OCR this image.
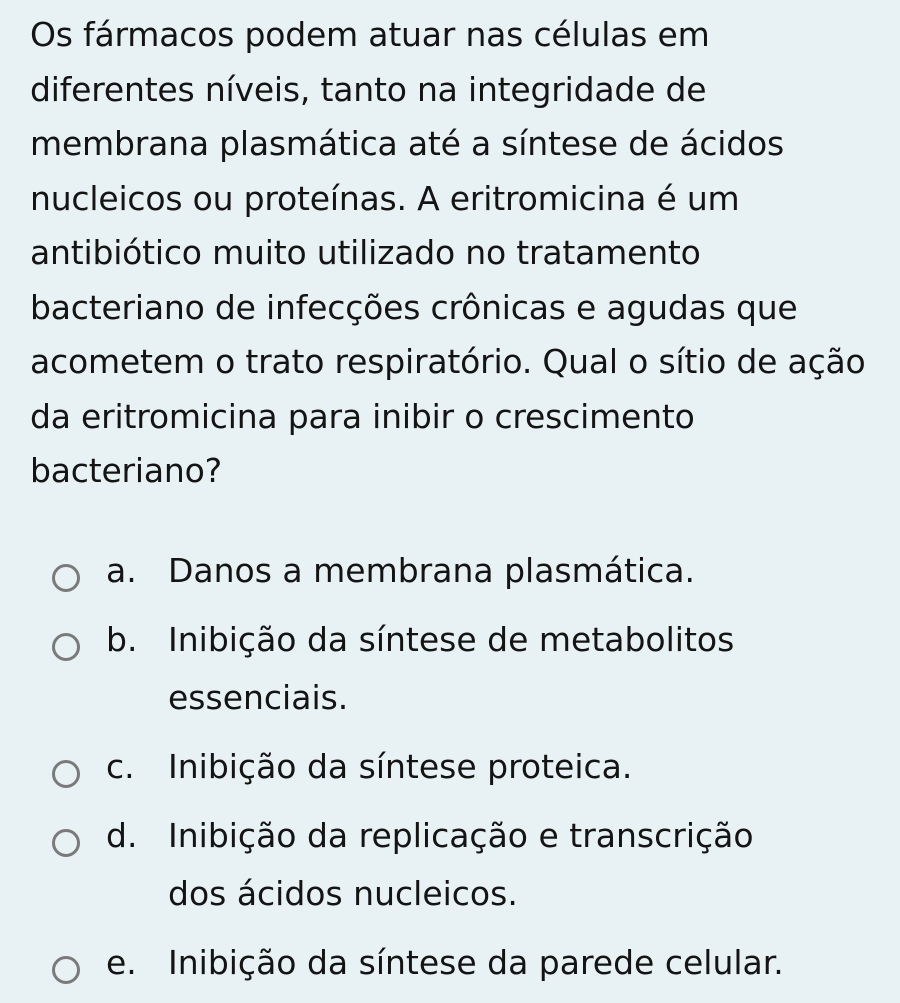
Os fármacos podem atuar nas células em diferentes níveis, tanto na integridade de membrana plasmática até a síntese de ácidos nucleicos ou proteínas. A eritromicina é um antibiótico muito utilizado no tratamento bacteriano de infecções crônicas e agudas que acometem o trato respiratório. Qual o sítio de ação da eritromicina para inibir o crescimento bacteriano?

a. Danos a membrana plasmática.
b. Inibição da síntese de metabolitos essenciais.
c.	Inibição da síntese proteica.
d. Inibição da replicação e transcrição dos ácidos nucleicos.
e. Inibição da síntese da parede celular.
